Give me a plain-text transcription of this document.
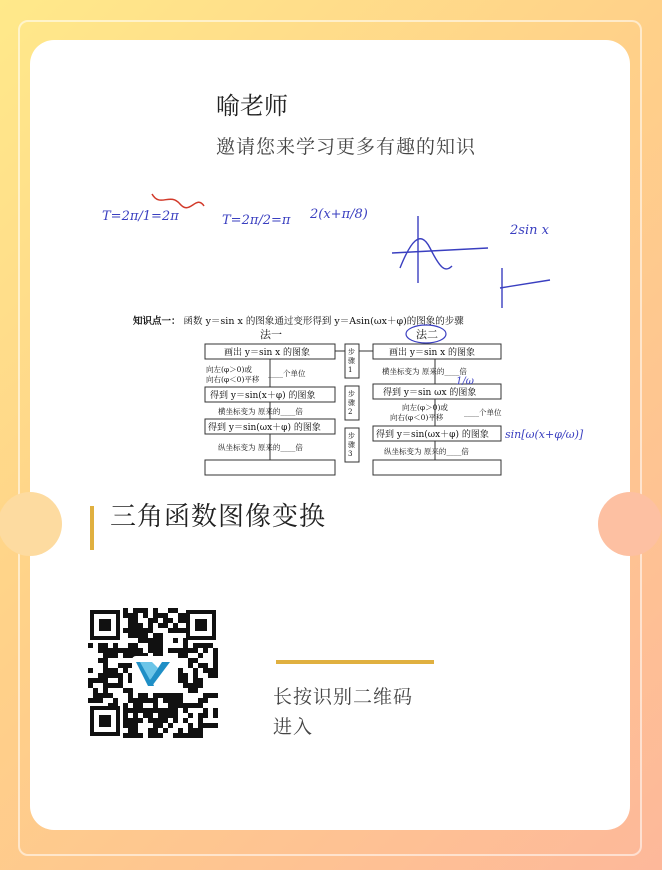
喻老师
邀请您来学习更多有趣的知识
T=2π/1=2π	T=2π/2=π 2(x+π/8)
2sin x
知识点一： 函数 y＝sin x 的图象通过变形得到 y＝Asin(ωx＋φ)的图象的步骤
法一	法二
画出 y＝sin x 的图象
向左(φ＞0)或
向右(φ＜0)平移
____个单位
得到 y＝sin(x＋φ) 的图象
横坐标变为 原来的____倍
得到 y＝sin(ωx＋φ) 的图象
纵坐标变为 原来的____倍
步骤 1
步骤 2
步骤 3
画出 y＝sin x 的图象
横坐标变为 原来的____倍
得到 y＝sin ωx 的图象
向左(φ＞0)或
向右(φ＜0)平移
____个单位
得到 y＝sin(ωx＋φ) 的图象
纵坐标变为 原来的____倍
sin[ω(x+φ/ω)]
1/ω
三角函数图像变换
长按识别二维码
进入
